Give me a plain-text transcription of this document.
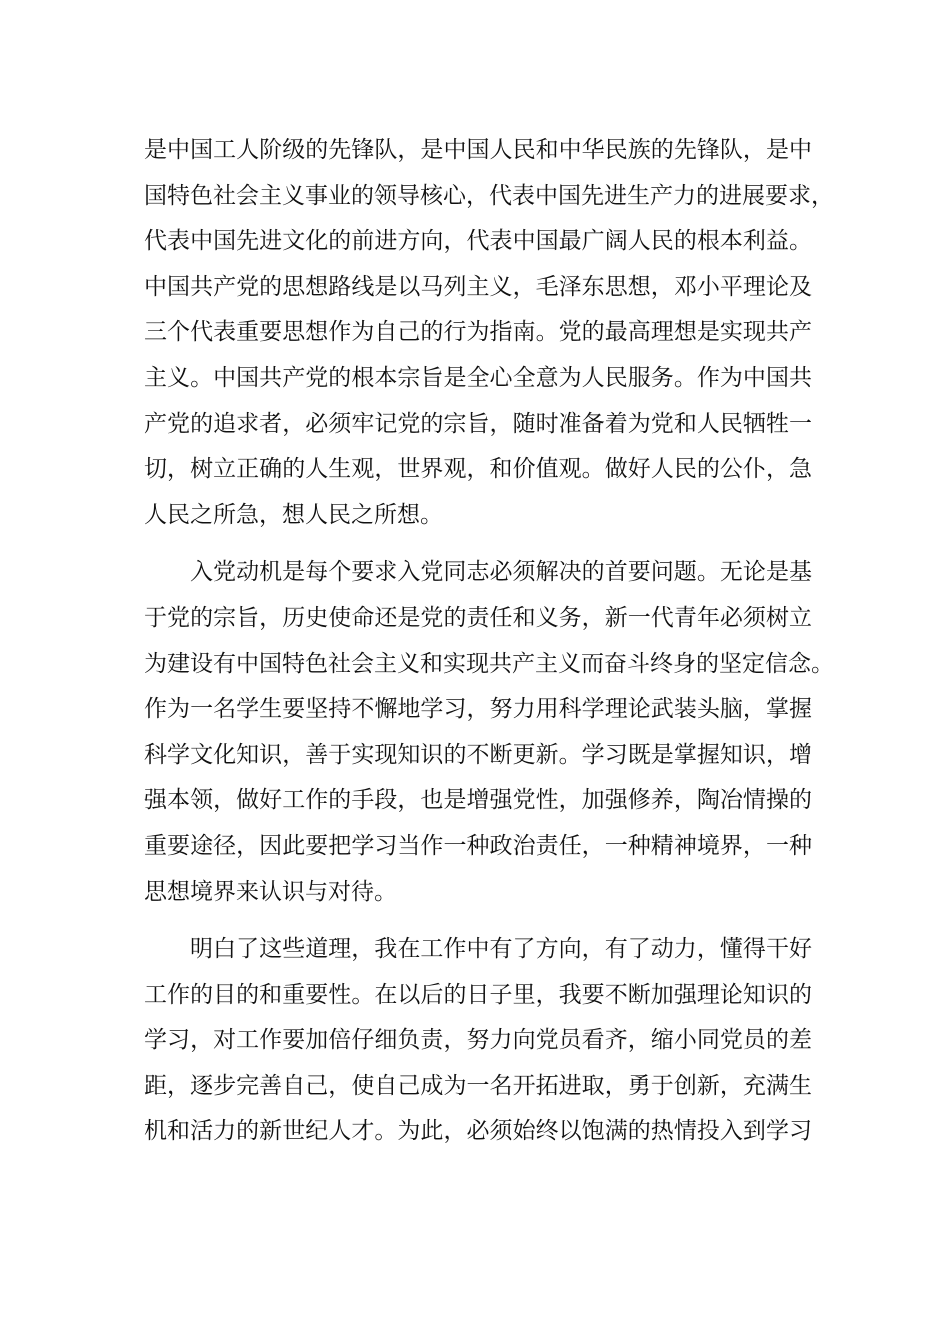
是中国工人阶级的先锋队，是中国人民和中华民族的先锋队，是中
国特色社会主义事业的领导核心，代表中国先进生产力的进展要求，
代表中国先进文化的前进方向，代表中国最广阔人民的根本利益。
中国共产党的思想路线是以马列主义，毛泽东思想，邓小平理论及
三个代表重要思想作为自己的行为指南。党的最高理想是实现共产
主义。中国共产党的根本宗旨是全心全意为人民服务。作为中国共
产党的追求者，必须牢记党的宗旨，随时准备着为党和人民牺牲一
切，树立正确的人生观，世界观，和价值观。做好人民的公仆，急
人民之所急，想人民之所想。
入党动机是每个要求入党同志必须解决的首要问题。无论是基
于党的宗旨，历史使命还是党的责任和义务，新一代青年必须树立
为建设有中国特色社会主义和实现共产主义而奋斗终身的坚定信念。
作为一名学生要坚持不懈地学习，努力用科学理论武装头脑，掌握
科学文化知识，善于实现知识的不断更新。学习既是掌握知识，增
强本领，做好工作的手段，也是增强党性，加强修养，陶冶情操的
重要途径，因此要把学习当作一种政治责任，一种精神境界，一种
思想境界来认识与对待。
明白了这些道理，我在工作中有了方向，有了动力，懂得干好
工作的目的和重要性。在以后的日子里，我要不断加强理论知识的
学习，对工作要加倍仔细负责，努力向党员看齐，缩小同党员的差
距，逐步完善自己，使自己成为一名开拓进取，勇于创新，充满生
机和活力的新世纪人才。为此，必须始终以饱满的热情投入到学习
